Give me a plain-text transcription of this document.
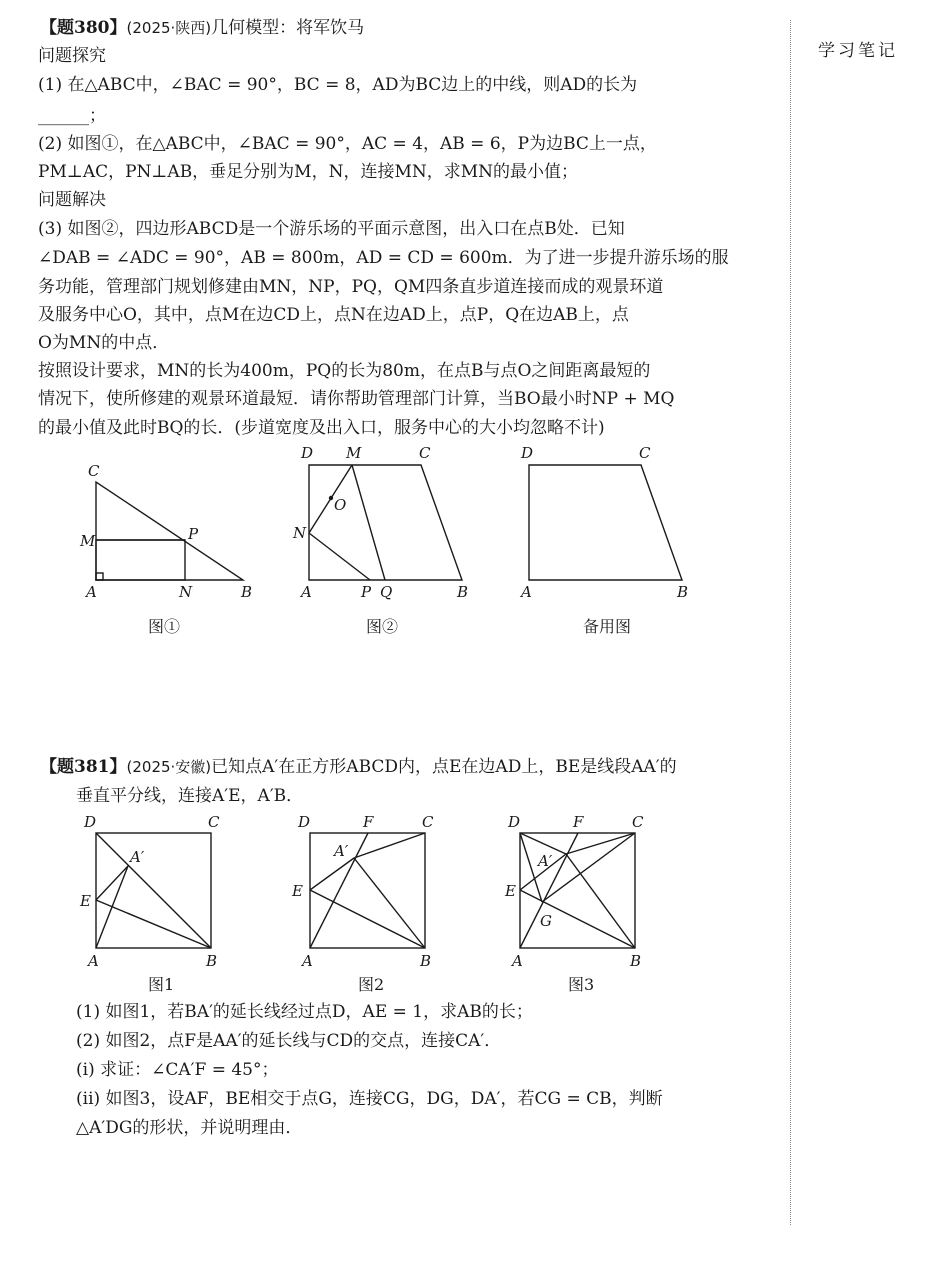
学习笔记
【题380】(2025·陕西)几何模型：将军饮马
问题探究
(1) 在△ABC中，∠BAC = 90°，BC = 8，AD为BC边上的中线，则AD的长为
______；
(2) 如图①，在△ABC中，∠BAC = 90°，AC = 4，AB = 6，P为边BC上一点，
PM⊥AC，PN⊥AB，垂足分别为M，N，连接MN，求MN的最小值；
问题解决
(3) 如图②，四边形ABCD是一个游乐场的平面示意图，出入口在点B处．已知
∠DAB = ∠ADC = 90°，AB = 800m，AD = CD = 600m．为了进一步提升游乐场的服
务功能，管理部门规划修建由MN，NP，PQ，QM四条直步道连接而成的观景环道
及服务中心O，其中，点M在边CD上，点N在边AD上，点P，Q在边AB上，点
O为MN的中点．
按照设计要求，MN的长为400m，PQ的长为80m，在点B与点O之间距离最短的
情况下，使所修建的观景环道最短．请你帮助管理部门计算，当BO最小时NP + MQ
的最小值及此时BQ的长．(步道宽度及出入口，服务中心的大小均忽略不计)
C
M	P
A	N	B
图①
D M	C
O
N
A	P Q	B
图②
D	C
A	B
备用图
【题381】(2025·安徽)已知点A′在正方形ABCD内，点E在边AD上，BE是线段AA′的
垂直平分线，连接A′E，A′B．
D	C
A′
E
A	B
图1
D	F	C
A′
E
A	B
图2
D	F	C
A′
E
G
A	B
图3
(1) 如图1，若BA′的延长线经过点D，AE = 1，求AB的长；
(2) 如图2，点F是AA′的延长线与CD的交点，连接CA′．
(i) 求证：∠CA′F = 45°；
(ii) 如图3，设AF，BE相交于点G，连接CG，DG，DA′，若CG = CB，判断
△A′DG的形状，并说明理由．
